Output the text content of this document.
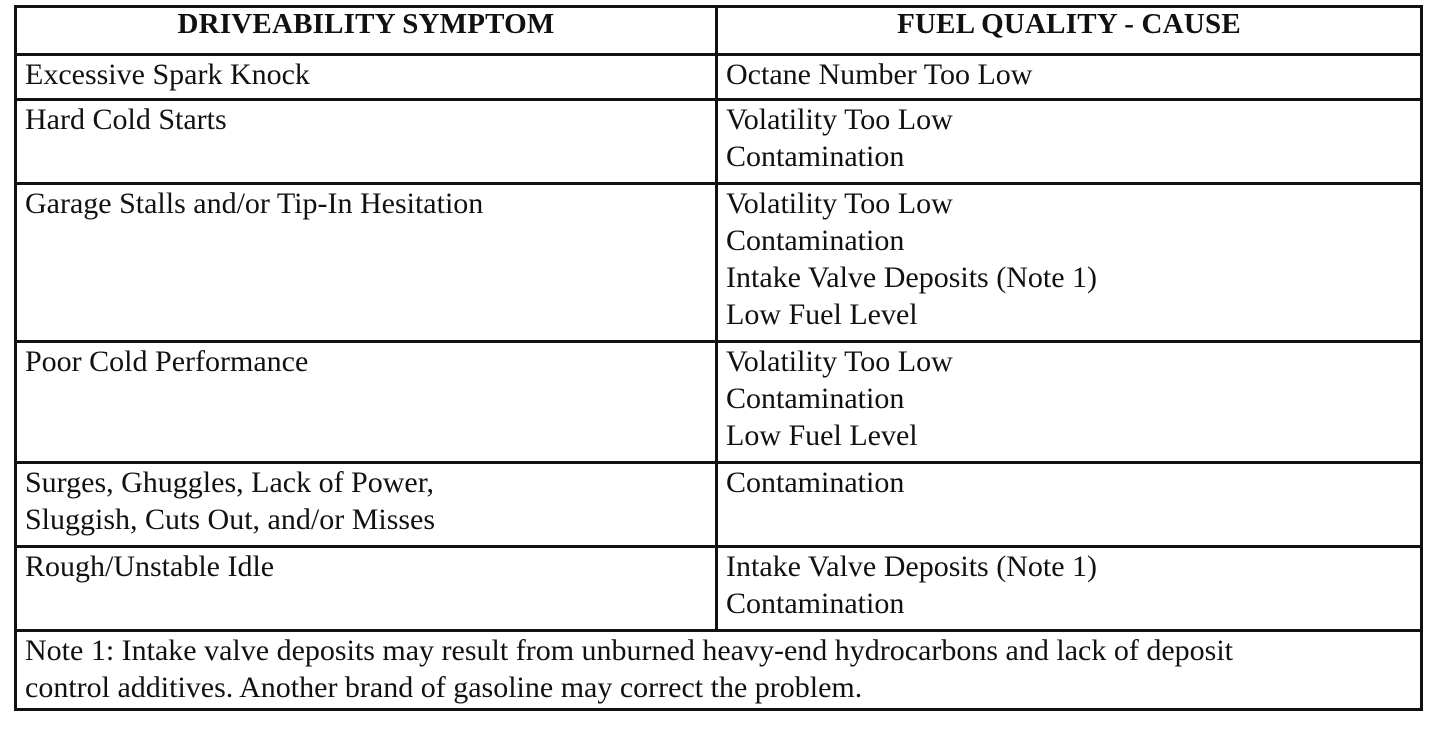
DRIVEABILITY SYMPTOM	FUEL QUALITY - CAUSE

Excessive Spark Knock	Octane Number Too Low

Hard Cold Starts	Volatility Too Low
Contamination

Garage Stalls and/or Tip-In Hesitation	Volatility Too Low
Contamination
Intake Valve Deposits (Note 1)
Low Fuel Level

Poor Cold Performance	Volatility Too Low
Contamination
Low Fuel Level

Surges, Ghuggles, Lack of Power,
Sluggish, Cuts Out, and/or Misses	Contamination

Rough/Unstable Idle	Intake Valve Deposits (Note 1)
Contamination

Note 1: Intake valve deposits may result from unburned heavy-end hydrocarbons and lack of deposit
control additives. Another brand of gasoline may correct the problem.	
